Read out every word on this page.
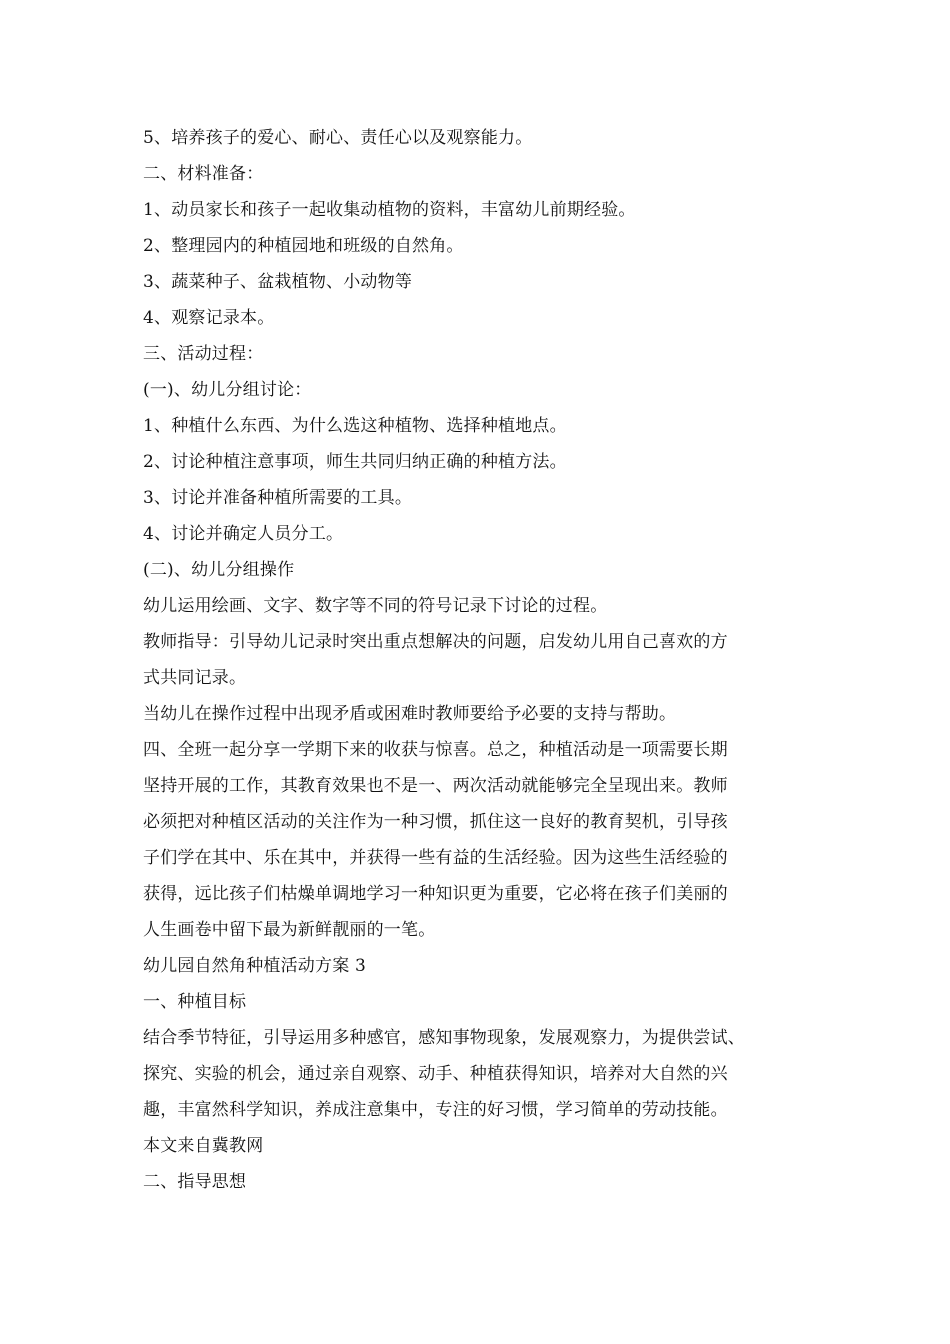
5、培养孩子的爱心、耐心、责任心以及观察能力。
二、材料准备：
1、动员家长和孩子一起收集动植物的资料，丰富幼儿前期经验。
2、整理园内的种植园地和班级的自然角。
3、蔬菜种子、盆栽植物、小动物等
4、观察记录本。
三、活动过程：
(一)、幼儿分组讨论：
1、种植什么东西、为什么选这种植物、选择种植地点。
2、讨论种植注意事项，师生共同归纳正确的种植方法。
3、讨论并准备种植所需要的工具。
4、讨论并确定人员分工。
(二)、幼儿分组操作
幼儿运用绘画、文字、数字等不同的符号记录下讨论的过程。
教师指导：引导幼儿记录时突出重点想解决的问题，启发幼儿用自己喜欢的方
式共同记录。
当幼儿在操作过程中出现矛盾或困难时教师要给予必要的支持与帮助。
四、全班一起分享一学期下来的收获与惊喜。总之，种植活动是一项需要长期
坚持开展的工作，其教育效果也不是一、两次活动就能够完全呈现出来。教师
必须把对种植区活动的关注作为一种习惯，抓住这一良好的教育契机，引导孩
子们学在其中、乐在其中，并获得一些有益的生活经验。因为这些生活经验的
获得，远比孩子们枯燥单调地学习一种知识更为重要，它必将在孩子们美丽的
人生画卷中留下最为新鲜靓丽的一笔。
幼儿园自然角种植活动方案 3
一、种植目标
结合季节特征，引导运用多种感官，感知事物现象，发展观察力，为提供尝试、
探究、实验的机会，通过亲自观察、动手、种植获得知识，培养对大自然的兴
趣，丰富然科学知识，养成注意集中，专注的好习惯，学习简单的劳动技能。
本文来自冀教网
二、指导思想
